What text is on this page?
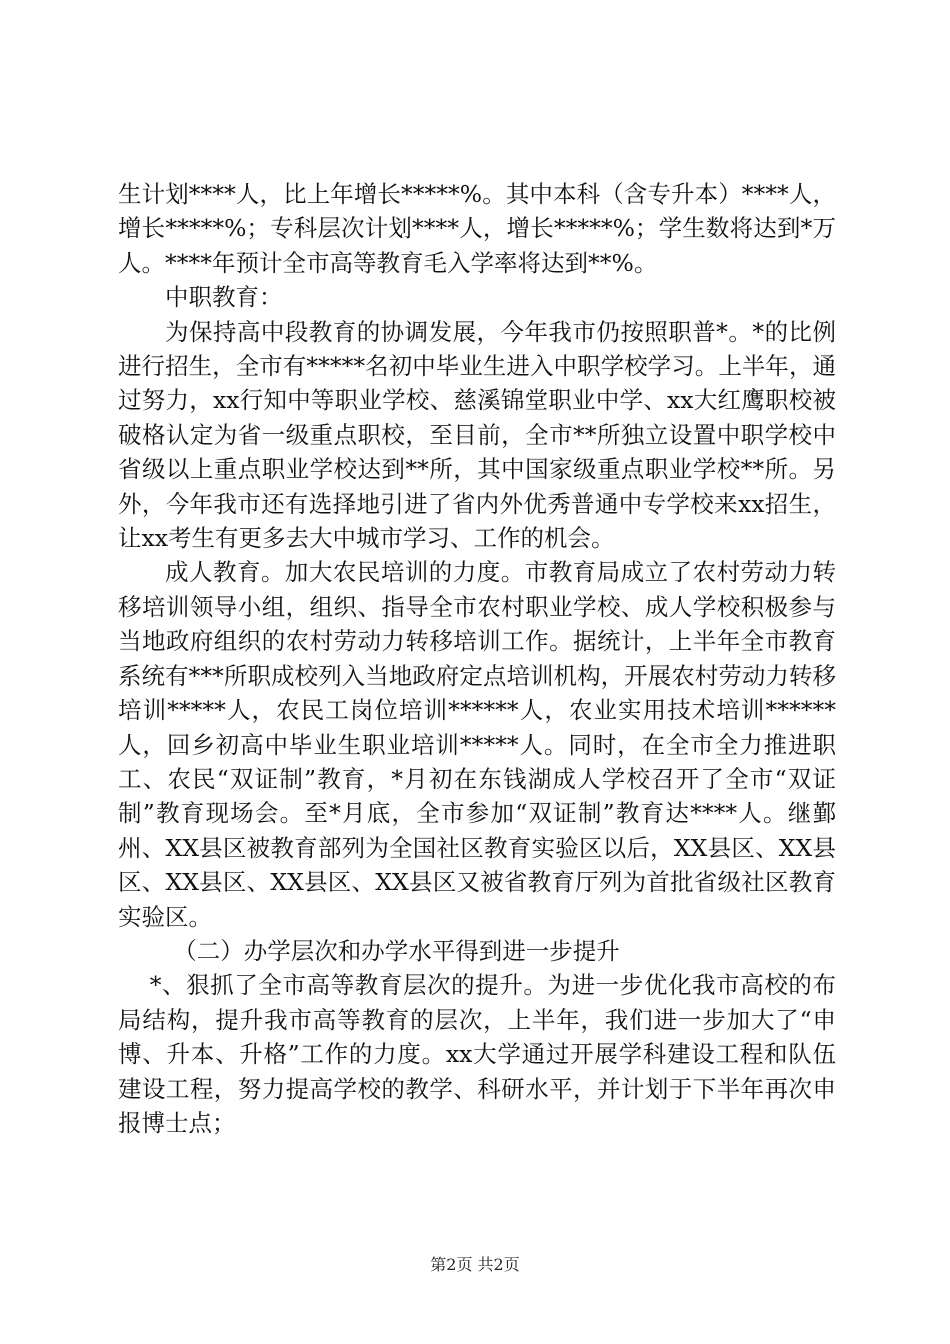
生计划****人，比上年增长*****%。其中本科（含专升本）****人，增长*****%；专科层次计划****人，增长*****%；学生数将达到*万人。****年预计全市高等教育毛入学率将达到**%。

中职教育：

为保持高中段教育的协调发展，今年我市仍按照职普*。*的比例进行招生，全市有*****名初中毕业生进入中职学校学习。上半年，通过努力，xx行知中等职业学校、慈溪锦堂职业中学、xx大红鹰职校被破格认定为省一级重点职校，至目前，全市**所独立设置中职学校中省级以上重点职业学校达到**所，其中国家级重点职业学校**所。另外，今年我市还有选择地引进了省内外优秀普通中专学校来xx招生，让xx考生有更多去大中城市学习、工作的机会。

成人教育。加大农民培训的力度。市教育局成立了农村劳动力转移培训领导小组，组织、指导全市农村职业学校、成人学校积极参与当地政府组织的农村劳动力转移培训工作。据统计，上半年全市教育系统有***所职成校列入当地政府定点培训机构，开展农村劳动力转移培训*****人，农民工岗位培训******人，农业实用技术培训******人，回乡初高中毕业生职业培训*****人。同时，在全市全力推进职工、农民“双证制”教育，*月初在东钱湖成人学校召开了全市“双证制”教育现场会。至*月底，全市参加“双证制”教育达****人。继鄞州、XX县区被教育部列为全国社区教育实验区以后，XX县区、XX县区、XX县区、XX县区、XX县区又被省教育厅列为首批省级社区教育实验区。

（二）办学层次和办学水平得到进一步提升

*、狠抓了全市高等教育层次的提升。为进一步优化我市高校的布局结构，提升我市高等教育的层次，上半年，我们进一步加大了“申博、升本、升格”工作的力度。xx大学通过开展学科建设工程和队伍建设工程，努力提高学校的教学、科研水平，并计划于下半年再次申报博士点；

第2页 共2页
